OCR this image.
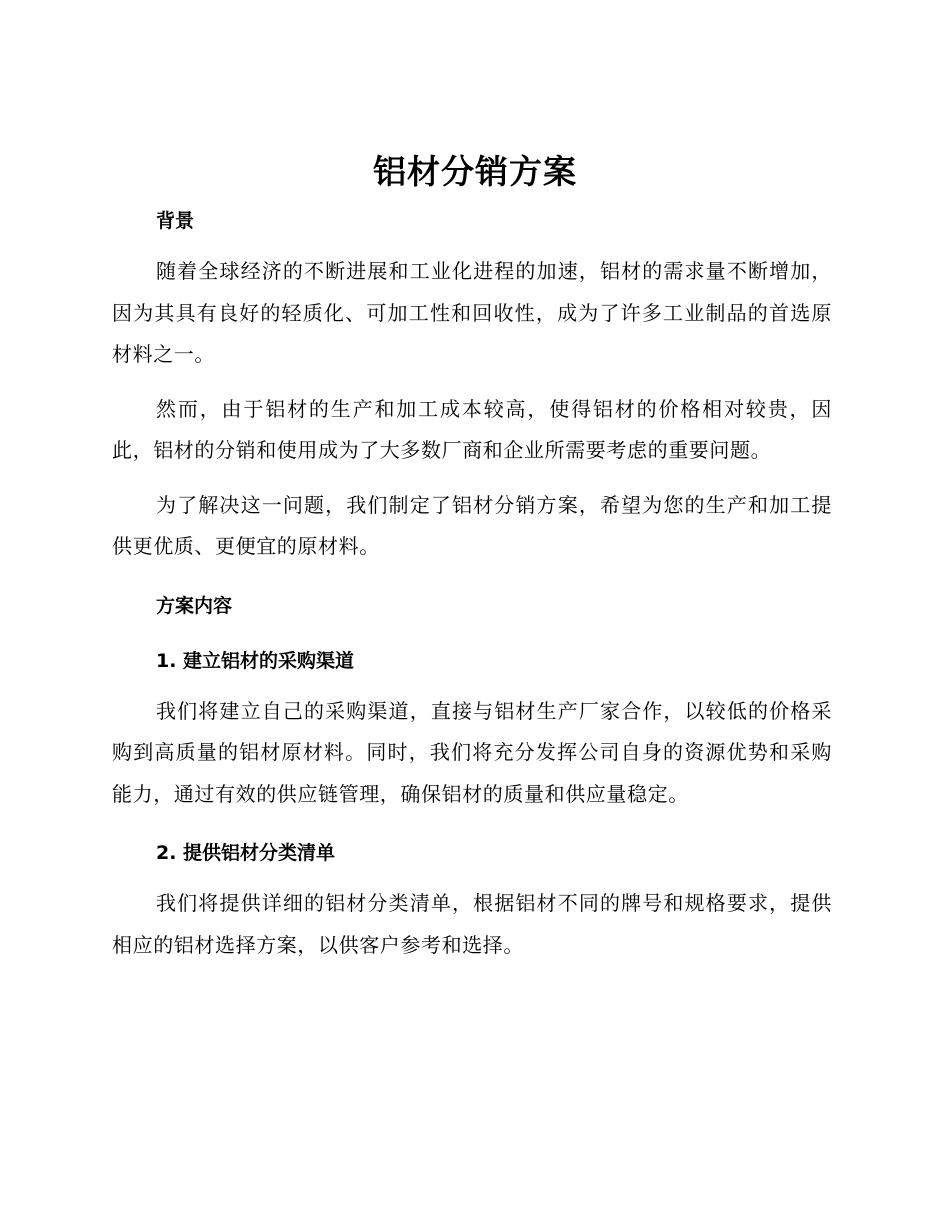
铝材分销方案

背景

随着全球经济的不断进展和工业化进程的加速，铝材的需求量不断增加，因为其具有良好的轻质化、可加工性和回收性，成为了许多工业制品的首选原材料之一。

然而，由于铝材的生产和加工成本较高，使得铝材的价格相对较贵，因此，铝材的分销和使用成为了大多数厂商和企业所需要考虑的重要问题。

为了解决这一问题，我们制定了铝材分销方案，希望为您的生产和加工提供更优质、更便宜的原材料。

方案内容

1. 建立铝材的采购渠道

我们将建立自己的采购渠道，直接与铝材生产厂家合作，以较低的价格采购到高质量的铝材原材料。同时，我们将充分发挥公司自身的资源优势和采购能力，通过有效的供应链管理，确保铝材的质量和供应量稳定。

2. 提供铝材分类清单

我们将提供详细的铝材分类清单，根据铝材不同的牌号和规格要求，提供相应的铝材选择方案，以供客户参考和选择。
